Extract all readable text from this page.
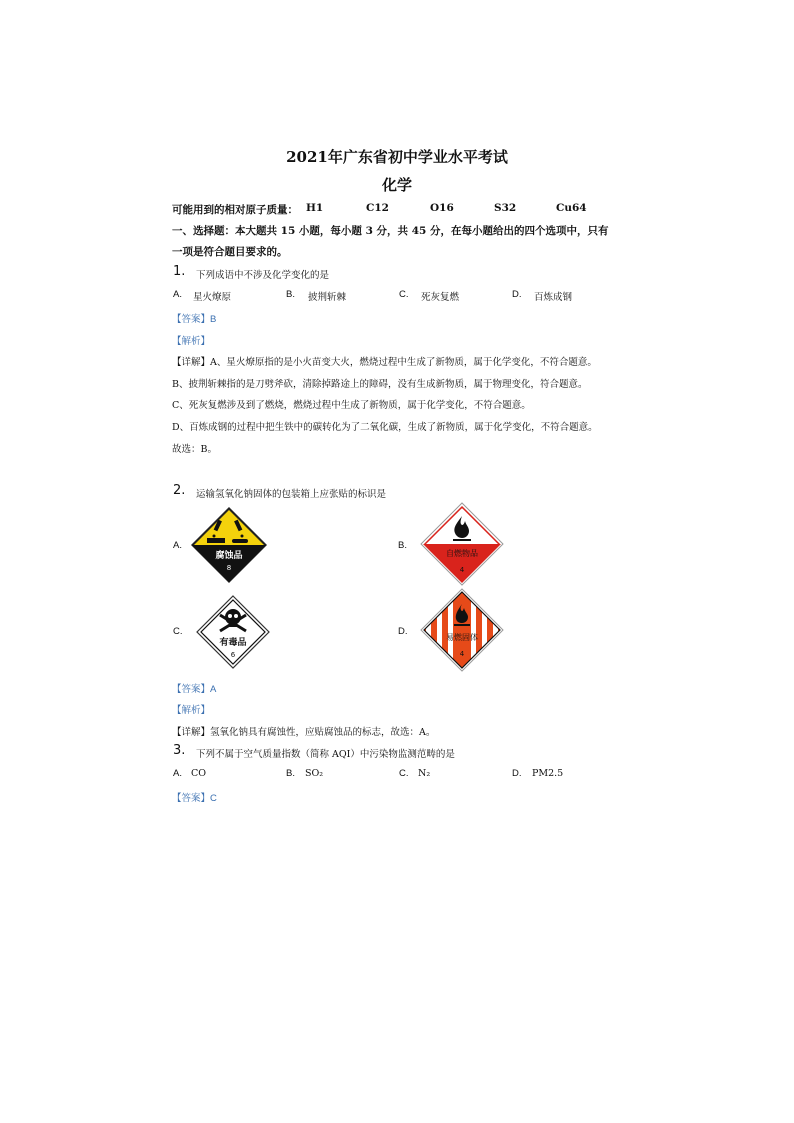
2021年广东省初中学业水平考试
化学
可能用到的相对原子质量： H1	C12	O16	S32	Cu64
一、选择题：本大题共 15 小题，每小题 3 分，共 45 分，在每小题给出的四个选项中，只有
一项是符合题目要求的。
1. 下列成语中不涉及化学变化的是
A. 星火燎原	B. 披荆斩棘	C. 死灰复燃	D. 百炼成钢
【答案】B
【解析】
【详解】A、星火燎原指的是小火苗变大火，燃烧过程中生成了新物质，属于化学变化，不符合题意。
B、披荆斩棘指的是刀劈斧砍，清除掉路途上的障碍，没有生成新物质，属于物理变化，符合题意。
C、死灰复燃涉及到了燃烧，燃烧过程中生成了新物质，属于化学变化，不符合题意。
D、百炼成钢的过程中把生铁中的碳转化为了二氧化碳，生成了新物质，属于化学变化，不符合题意。
故选：B。
2. 运输氢氧化钠固体的包装箱上应张贴的标识是
A.	B.
C.	D.
腐蚀品
8
自燃物品
4
有毒品
6
易燃固体
4
【答案】A
【解析】
【详解】氢氧化钠具有腐蚀性，应贴腐蚀品的标志，故选：A。
3. 下列不属于空气质量指数（简称 AQI）中污染物监测范畴的是
A. CO	B. SO₂	C. N₂	D. PM2.5
【答案】C
